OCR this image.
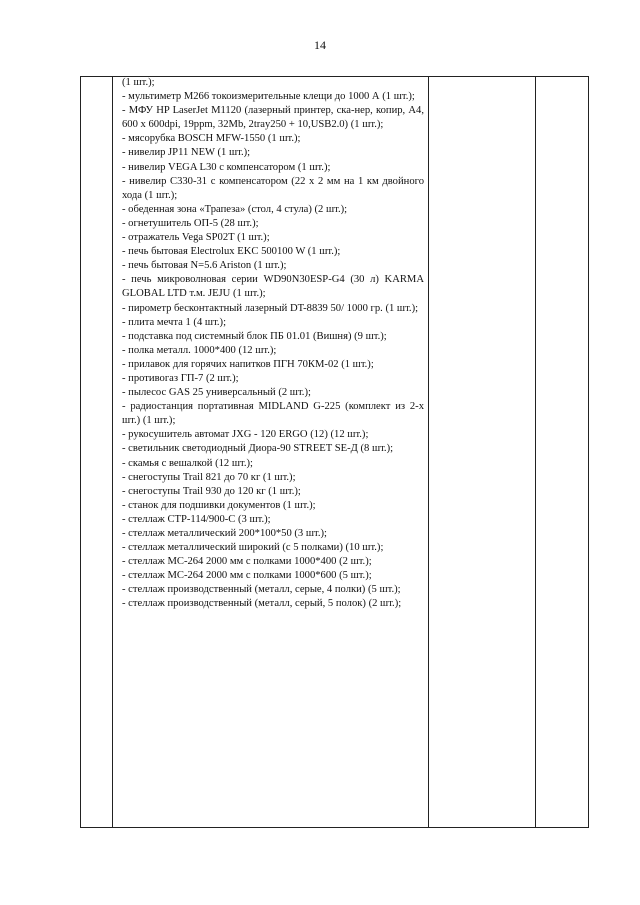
14

(1 шт.);

- мультиметр М266 токоизмерительные клещи до 1000 А (1 шт.);

- МФУ HP LaserJet M1120 (лазерный принтер, ска-нер, копир, А4, 600 х 600dpi, 19ppm, 32Mb, 2tray250 + 10,USB2.0) (1 шт.);

- мясорубка BOSCH MFW-1550 (1 шт.);

- нивелир JP11 NEW (1 шт.);

- нивелир VEGA L30 с компенсатором (1 шт.);

- нивелир С330-31 с компенсатором (22 х 2 мм на 1 км двойного хода (1 шт.);

- обеденная зона «Трапеза» (стол, 4 стула) (2 шт.);

- огнетушитель ОП-5 (28 шт.);

- отражатель Vega SP02T (1 шт.);

- печь бытовая Electrolux EKC 500100 W (1 шт.);

- печь бытовая N=5.6 Ariston (1 шт.);

- печь микроволновая серии WD90N30ESP-G4 (30 л) KARMA GLOBAL LTD т.м. JEJU (1 шт.);

- пирометр бесконтактный лазерный DT-8839 50/ 1000 гр. (1 шт.);

- плита мечта 1 (4 шт.);

- подставка под системный блок ПБ 01.01 (Вишня) (9 шт.);

- полка металл. 1000*400 (12 шт.);

- прилавок для горячих напитков ПГН 70КМ-02 (1 шт.);

- противогаз ГП-7 (2 шт.);

- пылесос GAS 25 универсальный (2 шт.);

- радиостанция портативная MIDLAND G-225 (комплект из 2-х шт.) (1 шт.);

- рукосушитель автомат JXG - 120 ERGO (12) (12 шт.);

- светильник светодиодный Диора-90 STREET SE-Д (8 шт.);

- скамья с вешалкой (12 шт.);

- снегоступы Trail 821 до 70 кг (1 шт.);

- снегоступы Trail 930 до 120 кг (1 шт.);

- станок для подшивки документов (1 шт.);

- стеллаж СТР-114/900-С (3 шт.);

- стеллаж металлический 200*100*50 (3 шт.);

- стеллаж металлический широкий (с 5 полками) (10 шт.);

- стеллаж МС-264 2000 мм с полками 1000*400 (2 шт.);

- стеллаж МС-264 2000 мм с полками 1000*600 (5 шт.);

- стеллаж производственный (металл, серые, 4 полки) (5 шт.);

- стеллаж производственный (металл, серый, 5 полок) (2 шт.);
